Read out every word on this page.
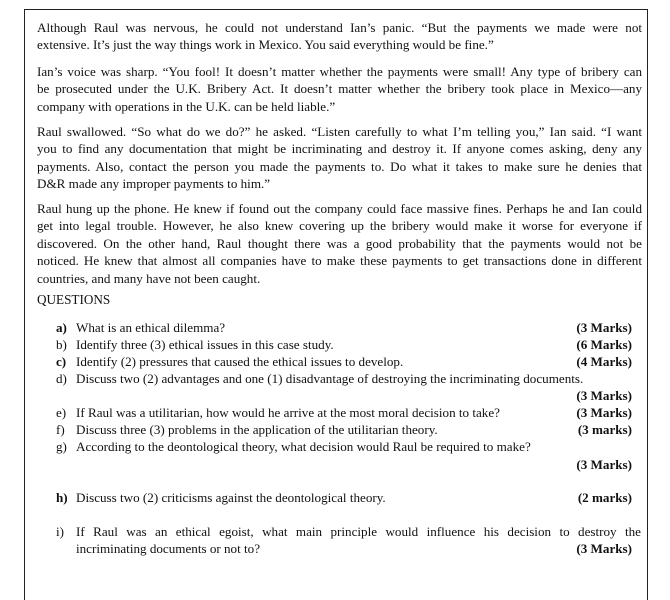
Although Raul was nervous, he could not understand Ian’s panic. “But the payments we made were not
extensive. It’s just the way things work in Mexico. You said everything would be fine.”
Ian’s voice was sharp. “You fool! It doesn’t matter whether the payments were small! Any type of bribery can
be prosecuted under the U.K. Bribery Act. It doesn’t matter whether the bribery took place in Mexico—any
company with operations in the U.K. can be held liable.”
Raul swallowed. “So what do we do?” he asked. “Listen carefully to what I’m telling you,” Ian said. “I want
you to find any documentation that might be incriminating and destroy it. If anyone comes asking, deny any
payments. Also, contact the person you made the payments to. Do what it takes to make sure he denies that
D&R made any improper payments to him.”
Raul hung up the phone. He knew if found out the company could face massive fines. Perhaps he and Ian could
get into legal trouble. However, he also knew covering up the bribery would make it worse for everyone if
discovered. On the other hand, Raul thought there was a good probability that the payments would not be
noticed. He knew that almost all companies have to make these payments to get transactions done in different
countries, and many have not been caught.
QUESTIONS
a) What is an ethical dilemma?	(3 Marks)
b) Identify three (3) ethical issues in this case study.	(6 Marks)
c) Identify (2) pressures that caused the ethical issues to develop.	(4 Marks)
d) Discuss two (2) advantages and one (1) disadvantage of destroying the incriminating documents.
(3 Marks)
e) If Raul was a utilitarian, how would he arrive at the most moral decision to take?	(3 Marks)
f) Discuss three (3) problems in the application of the utilitarian theory.	(3 marks)
g) According to the deontological theory, what decision would Raul be required to make?
(3 Marks)
h) Discuss two (2) criticisms against the deontological theory.	(2 marks)
i) If Raul was an ethical egoist, what main principle would influence his decision to destroy the
incriminating documents or not to?	(3 Marks)
